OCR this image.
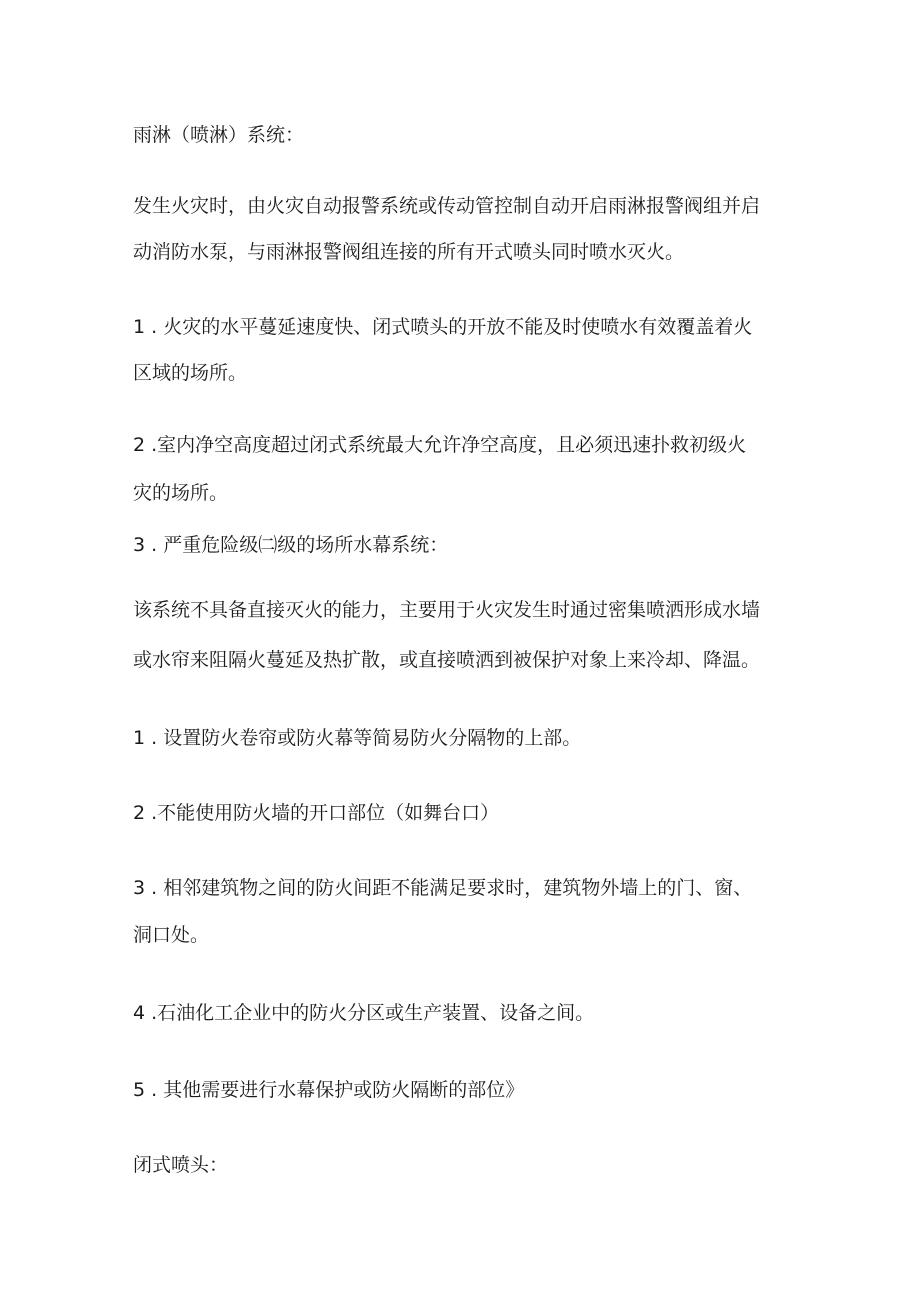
雨淋（喷淋）系统：

发生火灾时，由火灾自动报警系统或传动管控制自动开启雨淋报警阀组并启

动消防水泵，与雨淋报警阀组连接的所有开式喷头同时喷水灭火。

1 . 火灾的水平蔓延速度快、闭式喷头的开放不能及时使喷水有效覆盖着火

区域的场所。

2 .室内净空高度超过闭式系统最大允许净空高度，且必须迅速扑救初级火

灾的场所。

3 . 严重危险级㈡级的场所水幕系统：

该系统不具备直接灭火的能力，主要用于火灾发生时通过密集喷洒形成水墙

或水帘来阻隔火蔓延及热扩散，或直接喷洒到被保护对象上来冷却、降温。

1 . 设置防火卷帘或防火幕等简易防火分隔物的上部。

2 .不能使用防火墙的开口部位（如舞台口）

3 . 相邻建筑物之间的防火间距不能满足要求时，建筑物外墙上的门、窗、

洞口处。

4 .石油化工企业中的防火分区或生产装置、设备之间。

5 . 其他需要进行水幕保护或防火隔断的部位》

闭式喷头：
